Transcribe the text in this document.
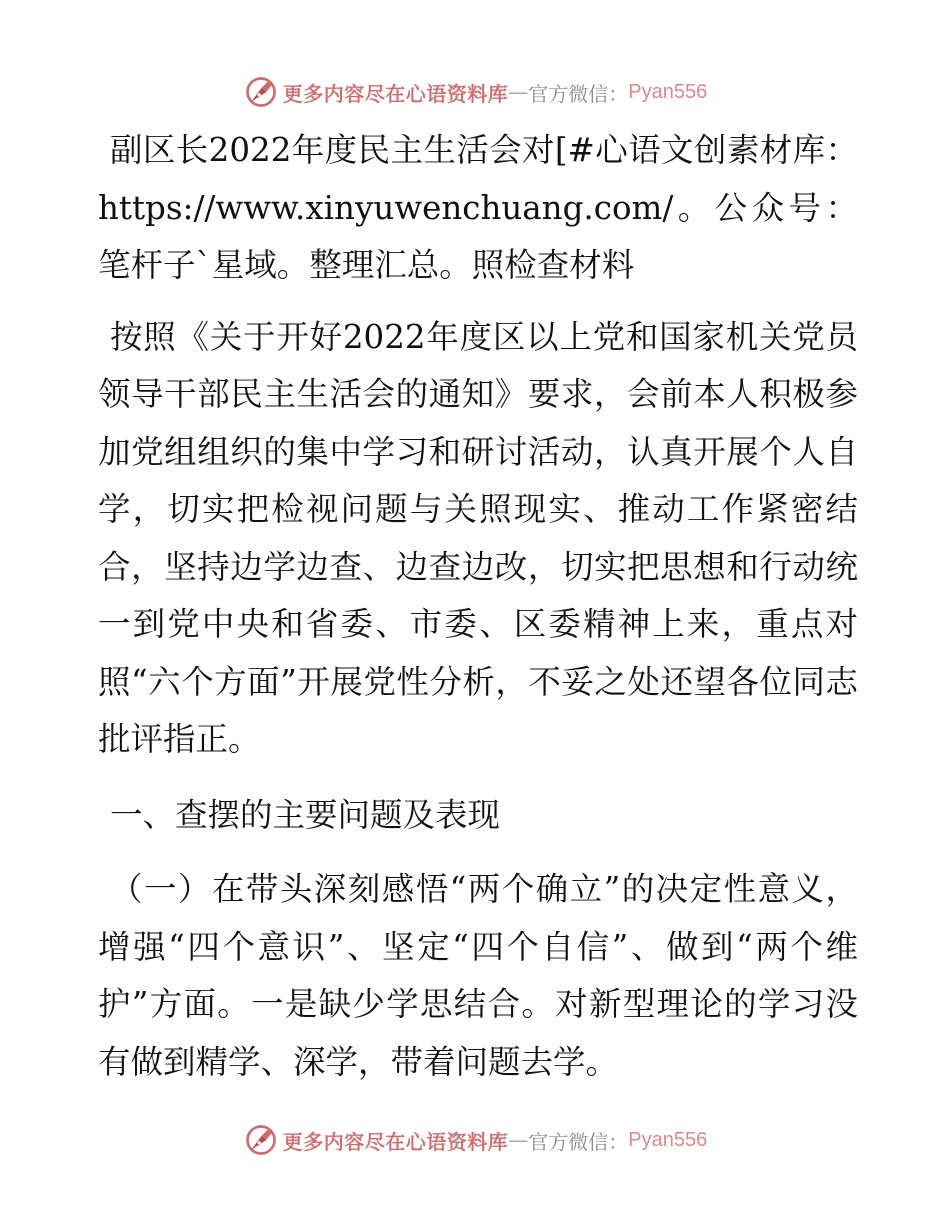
更多内容尽在心语资料库 — 官方微信： Pyan556

副区长2022年度民主生活会对[#心语文创素材库：https://www.xinyuwenchuang.com/。公众号：笔杆子`星域。整理汇总。照检查材料

按照《关于开好2022年度区以上党和国家机关党员领导干部民主生活会的通知》要求，会前本人积极参加党组组织的集中学习和研讨活动，认真开展个人自学，切实把检视问题与关照现实、推动工作紧密结合，坚持边学边查、边查边改，切实把思想和行动统一到党中央和省委、市委、区委精神上来，重点对照“六个方面”开展党性分析，不妥之处还望各位同志批评指正。

一、查摆的主要问题及表现

（一）在带头深刻感悟“两个确立”的决定性意义，增强“四个意识”、坚定“四个自信”、做到“两个维护”方面。一是缺少学思结合。对新型理论的学习没有做到精学、深学，带着问题去学。

更多内容尽在心语资料库 — 官方微信： Pyan556
